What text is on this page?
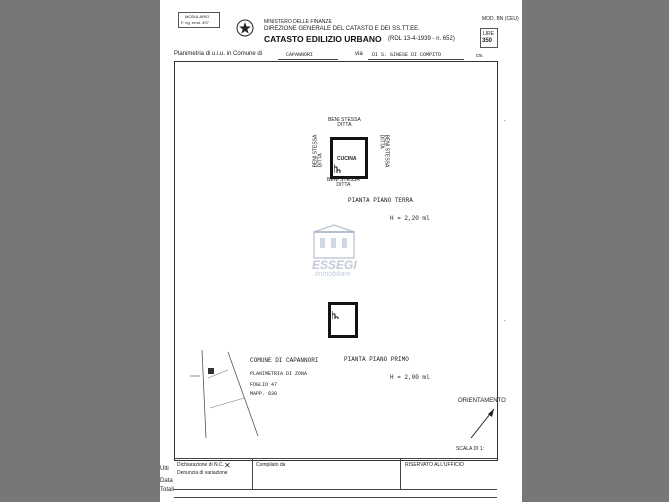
MODULARIO
F. rig. rend. 497	MINISTERO DELLE FINANZE
DIREZIONE GENERALE DEL CATASTO E DEI SS.TT.EE.
CATASTO EDILIZIO URBANO (RDL 13-4-1939 - n. 652)
MOD. BN (CEU)
LIRE
350
Planimetria di u.i.u. in Comune di	CAPANNORI	via DI S. GINESE DI COMPITO	civ.
BENI STESSA
DITTA
BENI STESSA DITTA	BENI STESSA
DITTA
CUCINA
BENI STESSA
DITTA
PIANTA PIANO TERRA
H = 2,20 ml
ESSEGI
immobiliare
PIANTA PIANO PRIMO
H = 2,00 ml
COMUNE DI CAPANNORI
PLANIMETRIA DI ZONA
FOGLIO 47
MAPP. 830
ORIENTAMENTO
SCALA DI 1:
Dichiarazione di N.C.
Denuncia di variazione
✕	Compilato da	RISERVATO ALL'UFFICIO
-
-
Ulti
Data
Totali
